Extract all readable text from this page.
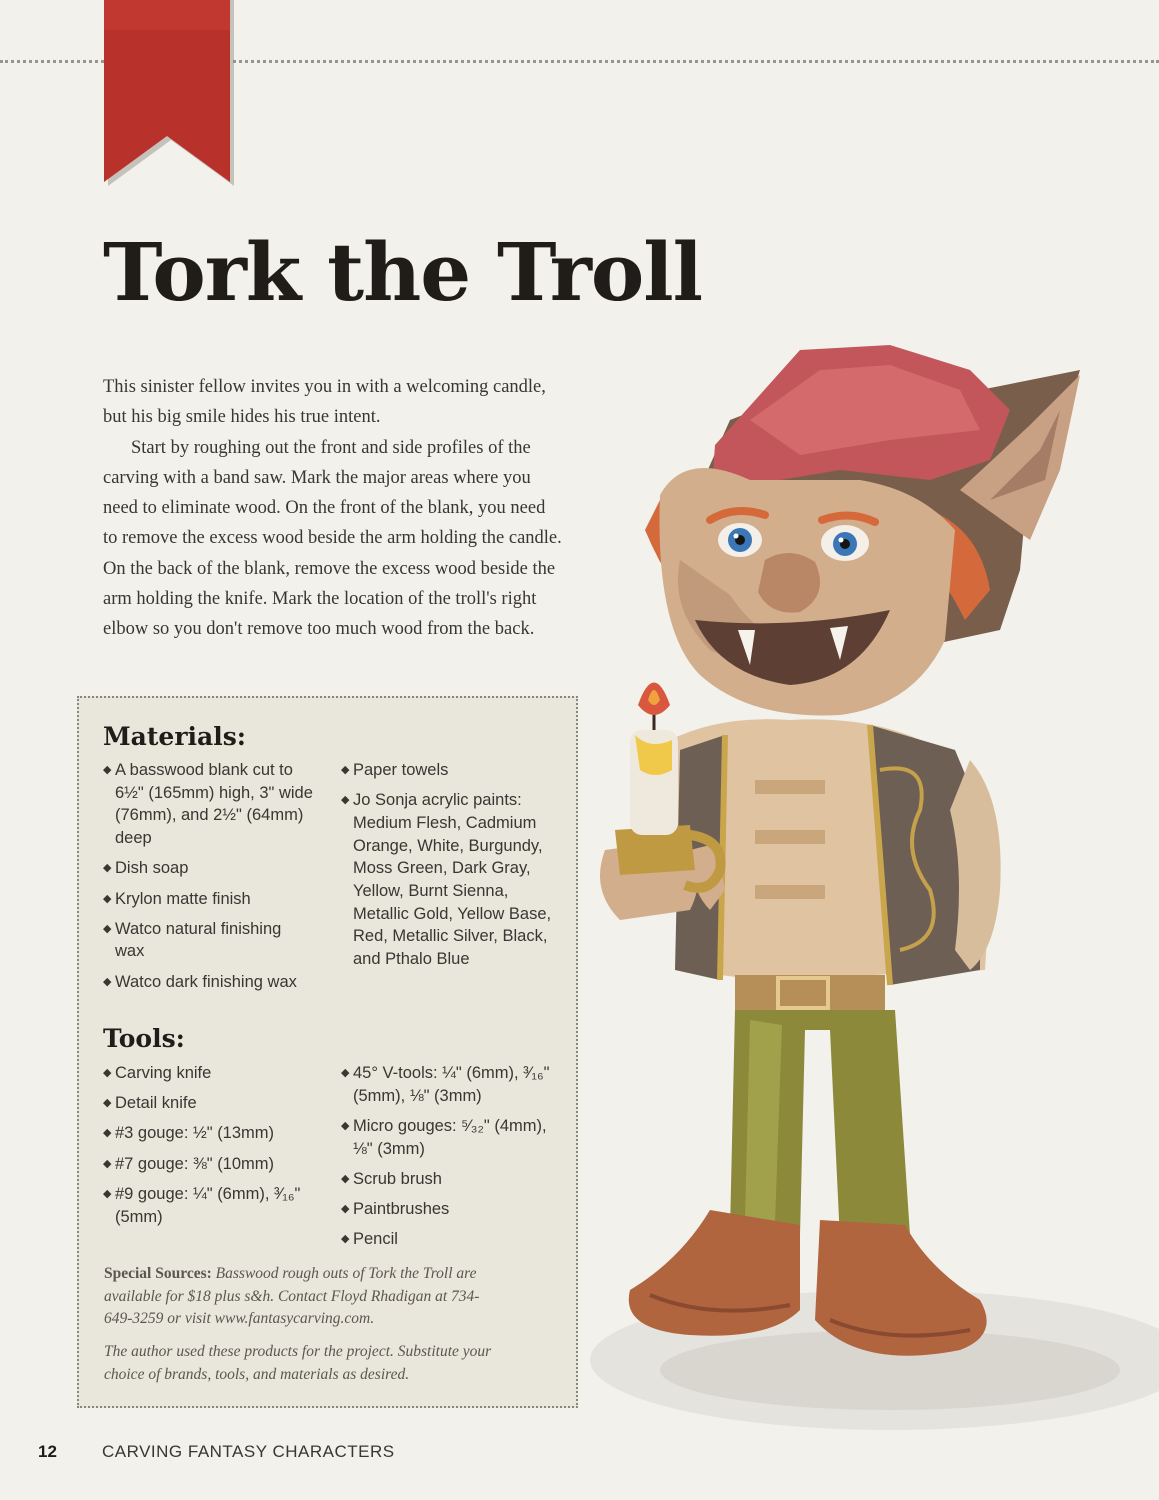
Tork the Troll

This sinister fellow invites you in with a welcoming candle, but his big smile hides his true intent.

Start by roughing out the front and side profiles of the carving with a band saw. Mark the major areas where you need to eliminate wood. On the front of the blank, you need to remove the excess wood beside the arm holding the candle. On the back of the blank, remove the excess wood beside the arm holding the knife. Mark the location of the troll's right elbow so you don't remove too much wood from the back.

Materials:
◆ A basswood blank cut to 6½" (165mm) high, 3" wide (76mm), and 2½" (64mm) deep
◆ Dish soap
◆ Krylon matte finish
◆ Watco natural finishing wax
◆ Watco dark finishing wax
◆ Paper towels
◆ Jo Sonja acrylic paints: Medium Flesh, Cadmium Orange, White, Burgundy, Moss Green, Dark Gray, Yellow, Burnt Sienna, Metallic Gold, Yellow Base, Red, Metallic Silver, Black, and Pthalo Blue
Tools:
◆ Carving knife
◆ Detail knife
◆ #3 gouge: ½" (13mm)
◆ #7 gouge: ⅜" (10mm)
◆ #9 gouge: ¼" (6mm), ³⁄₁₆" (5mm)
◆ 45° V-tools: ¼" (6mm), ³⁄₁₆" (5mm), ⅛" (3mm)
◆ Micro gouges: ⁵⁄₃₂" (4mm), ⅛" (3mm)
◆ Scrub brush
◆ Paintbrushes
◆ Pencil

Special Sources: Basswood rough outs of Tork the Troll are available for $18 plus s&h. Contact Floyd Rhadigan at 734-649-3259 or visit www.fantasycarving.com.

The author used these products for the project. Substitute your choice of brands, tools, and materials as desired.

12	CARVING FANTASY CHARACTERS
